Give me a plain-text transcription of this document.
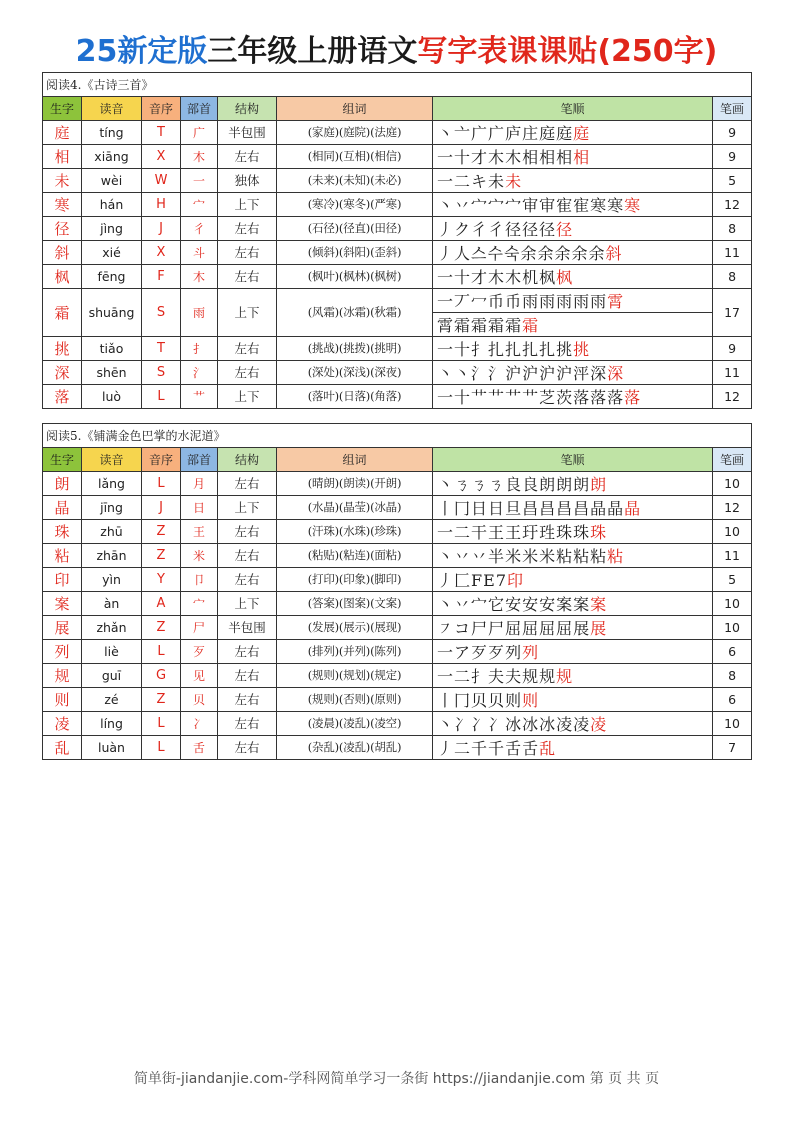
25新定版三年级上册语文写字表课课贴(250字)
阅读4.《古诗三首》							
生字	读音	音序	部首	结构	组词	笔顺	笔画
庭	tíng	T	广	半包围	(家庭)(庭院)(法庭)	丶亠广广庐庄庭庭庭	9
相	xiāng	X	木	左右	(相同)(互相)(相信)	一十才木木相相相相	9
未	wèi	W	一	独体	(未来)(未知)(未必)	一二キ未未	5
寒	hán	H	宀	上下	(寒冷)(寒冬)(严寒)	丶丷宀宀宀审审寉寉寒寒寒	12
径	jìng	J	彳	左右	(石径)(径直)(田径)	丿ク彳彳径径径径	8
斜	xié	X	斗	左右	(倾斜)(斜阳)(歪斜)	丿人스수숙余余余余余斜	11
枫	fēng	F	木	左右	(枫叶)(枫林)(枫树)	一十才木木机枫枫	8
霜	shuāng	S	雨	上下	(风霜)(冰霜)(秋霜)	一丆冖币币雨雨雨雨雨霄	17
						霄霜霜霜霜霜	
挑	tiǎo	T	扌	左右	(挑战)(挑拨)(挑明)	一十扌扎扎扎扎挑挑	9
深	shēn	S	氵	左右	(深处)(深浅)(深夜)	丶丶氵氵沪沪沪沪泙深深	11
落	luò	L	艹	上下	(落叶)(日落)(角落)	一十艹艹艹艹芝茨落落落落	12
阅读5.《铺满金色巴掌的水泥道》							
生字	读音	音序	部首	结构	组词	笔顺	笔画
朗	lǎng	L	月	左右	(晴朗)(朗读)(开朗)	丶ㄋㄋㄋ良良朗朗朗朗	10
晶	jīng	J	日	上下	(水晶)(晶莹)(冰晶)	丨冂日日旦昌昌昌昌晶晶晶	12
珠	zhū	Z	王	左右	(汗珠)(水珠)(珍珠)	一二干王王玗珄珠珠珠	10
粘	zhān	Z	米	左右	(粘贴)(粘连)(面粘)	丶丷丷半米米米粘粘粘粘	11
印	yìn	Y	卩	左右	(打印)(印象)(脚印)	丿匚FE7印	5
案	àn	A	宀	上下	(答案)(图案)(文案)	丶丷宀它安安安案案案	10
展	zhǎn	Z	尸	半包围	(发展)(展示)(展现)	㇇コ尸尸屈屈屈屈展展	10
列	liè	L	歹	左右	(排列)(并列)(陈列)	一ア歹歹列列	6
规	guī	G	见	左右	(规则)(规划)(规定)	一二扌夫夫规规规	8
则	zé	Z	贝	左右	(规则)(否则)(原则)	丨冂贝贝则则	6
凌	líng	L	冫	左右	(凌晨)(凌乱)(凌空)	丶冫冫冫冰冰冰凌凌凌	10
乱	luàn	L	舌	左右	(杂乱)(凌乱)(胡乱)	丿二千千舌舌乱	7
简单街-jiandanjie.com-学科网简单学习一条街 https://jiandanjie.com 第 页 共 页
